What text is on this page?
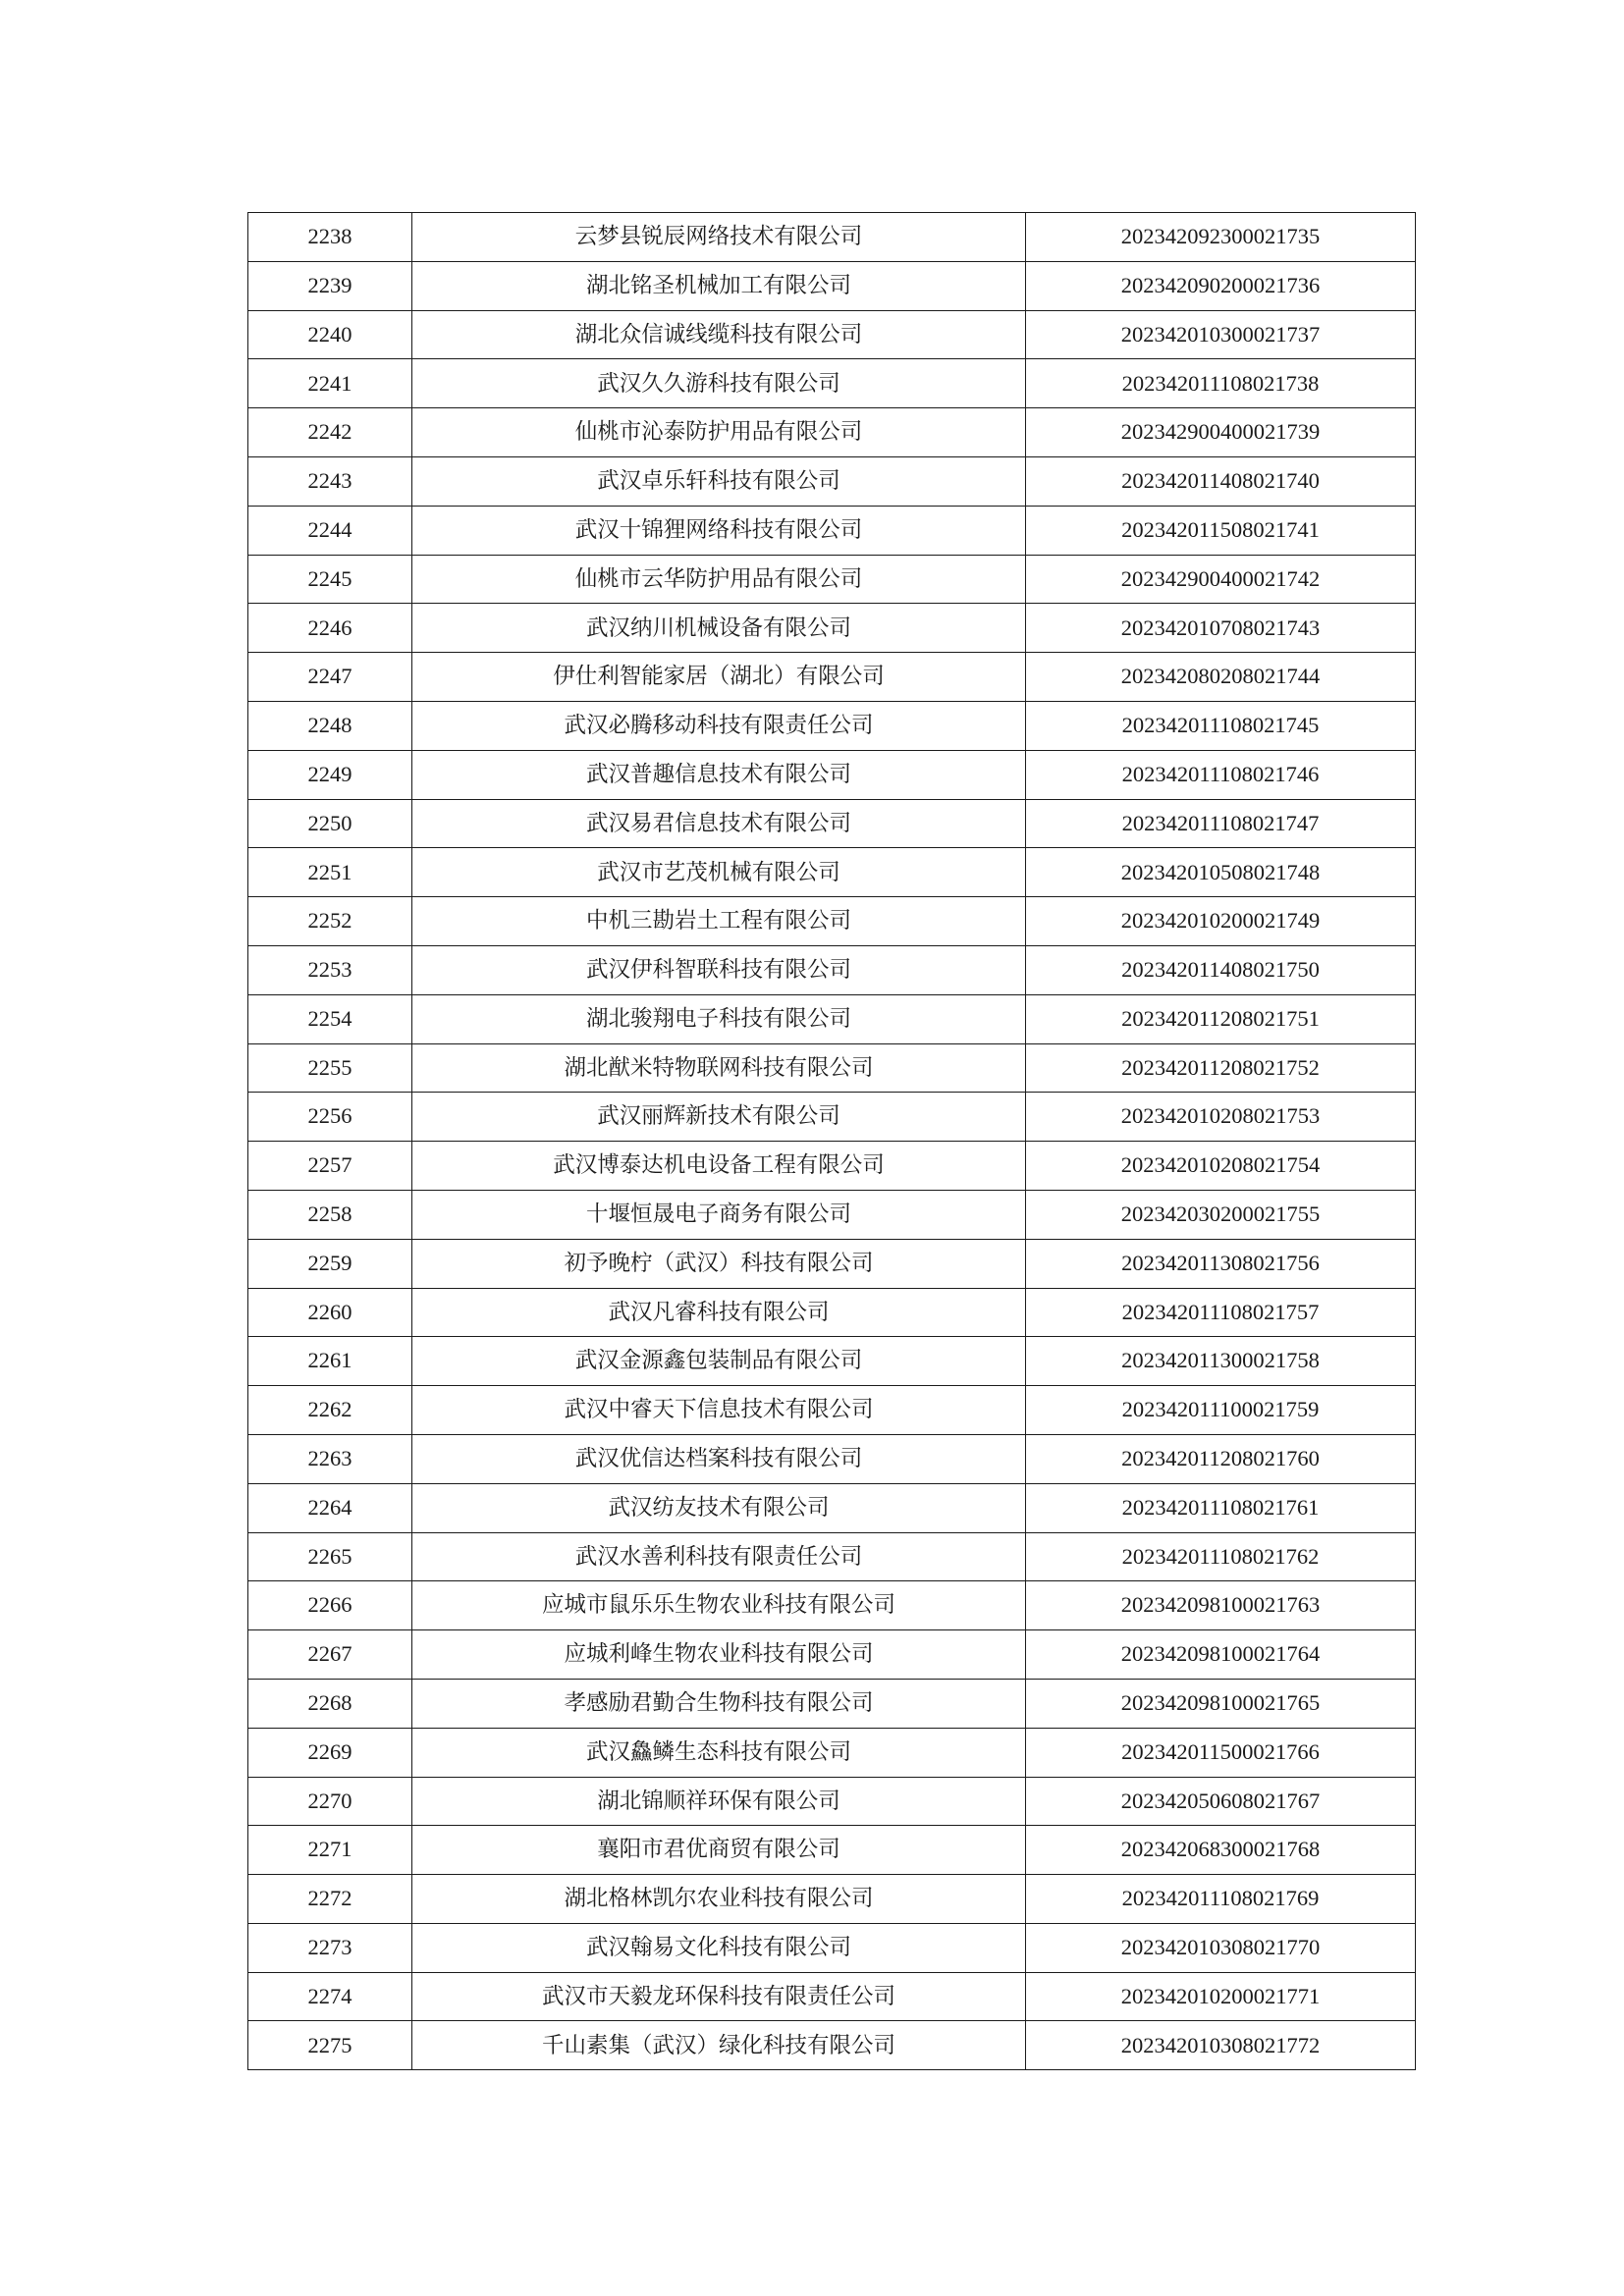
2238	云梦县锐辰网络技术有限公司	202342092300021735
2239	湖北铭圣机械加工有限公司	202342090200021736
2240	湖北众信诚线缆科技有限公司	202342010300021737
2241	武汉久久游科技有限公司	202342011108021738
2242	仙桃市沁泰防护用品有限公司	202342900400021739
2243	武汉卓乐轩科技有限公司	202342011408021740
2244	武汉十锦狸网络科技有限公司	202342011508021741
2245	仙桃市云华防护用品有限公司	202342900400021742
2246	武汉纳川机械设备有限公司	202342010708021743
2247	伊仕利智能家居（湖北）有限公司	202342080208021744
2248	武汉必腾移动科技有限责任公司	202342011108021745
2249	武汉普趣信息技术有限公司	202342011108021746
2250	武汉易君信息技术有限公司	202342011108021747
2251	武汉市艺茂机械有限公司	202342010508021748
2252	中机三勘岩土工程有限公司	202342010200021749
2253	武汉伊科智联科技有限公司	202342011408021750
2254	湖北骏翔电子科技有限公司	202342011208021751
2255	湖北猷米特物联网科技有限公司	202342011208021752
2256	武汉丽辉新技术有限公司	202342010208021753
2257	武汉博泰达机电设备工程有限公司	202342010208021754
2258	十堰恒晟电子商务有限公司	202342030200021755
2259	初予晚柠（武汉）科技有限公司	202342011308021756
2260	武汉凡睿科技有限公司	202342011108021757
2261	武汉金源鑫包装制品有限公司	202342011300021758
2262	武汉中睿天下信息技术有限公司	202342011100021759
2263	武汉优信达档案科技有限公司	202342011208021760
2264	武汉纺友技术有限公司	202342011108021761
2265	武汉水善利科技有限责任公司	202342011108021762
2266	应城市鼠乐乐生物农业科技有限公司	202342098100021763
2267	应城利峰生物农业科技有限公司	202342098100021764
2268	孝感励君勤合生物科技有限公司	202342098100021765
2269	武汉鱻鳞生态科技有限公司	202342011500021766
2270	湖北锦顺祥环保有限公司	202342050608021767
2271	襄阳市君优商贸有限公司	202342068300021768
2272	湖北格林凯尔农业科技有限公司	202342011108021769
2273	武汉翰易文化科技有限公司	202342010308021770
2274	武汉市天毅龙环保科技有限责任公司	202342010200021771
2275	千山素集（武汉）绿化科技有限公司	202342010308021772
